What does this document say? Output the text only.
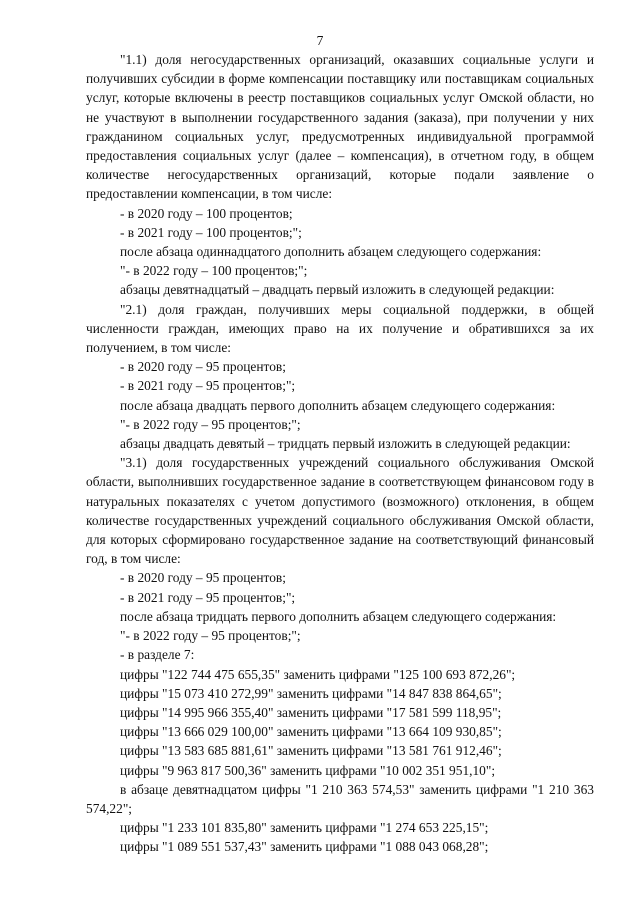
7

"1.1) доля негосударственных организаций, оказавших социальные услуги и получивших субсидии в форме компенсации поставщику или поставщикам социальных услуг, которые включены в реестр поставщиков социальных услуг Омской области, но не участвуют в выполнении государственного задания (заказа), при получении у них гражданином социальных услуг, предусмотренных индивидуальной программой предоставления социальных услуг (далее – компенсация), в отчетном году, в общем количестве негосударственных организаций, которые подали заявление о предоставлении компенсации, в том числе:

- в 2020 году – 100 процентов;

- в 2021 году – 100 процентов;";

после абзаца одиннадцатого дополнить абзацем следующего содержания:

"- в 2022 году – 100 процентов;";

абзацы девятнадцатый – двадцать первый изложить в следующей редакции:

"2.1) доля граждан, получивших меры социальной поддержки, в общей численности граждан, имеющих право на их получение и обратившихся за их получением, в том числе:

- в 2020 году – 95 процентов;

- в 2021 году – 95 процентов;";

после абзаца двадцать первого дополнить абзацем следующего содержания:

"- в 2022 году – 95 процентов;";

абзацы двадцать девятый – тридцать первый изложить в следующей редакции:

"3.1) доля государственных учреждений социального обслуживания Омской области, выполнивших государственное задание в соответствующем финансовом году в натуральных показателях с учетом допустимого (возможного) отклонения, в общем количестве государственных учреждений социального обслуживания Омской области, для которых сформировано государственное задание на соответствующий финансовый год, в том числе:

- в 2020 году – 95 процентов;

- в 2021 году – 95 процентов;";

после абзаца тридцать первого дополнить абзацем следующего содержания:

"- в 2022 году – 95 процентов;";

- в разделе 7:

цифры "122 744 475 655,35" заменить цифрами "125 100 693 872,26";

цифры "15 073 410 272,99" заменить цифрами "14 847 838 864,65";

цифры "14 995 966 355,40" заменить цифрами "17 581 599 118,95";

цифры "13 666 029 100,00" заменить цифрами "13 664 109 930,85";

цифры "13 583 685 881,61" заменить цифрами "13 581 761 912,46";

цифры "9 963 817 500,36" заменить цифрами "10 002 351 951,10";

в абзаце девятнадцатом цифры "1 210 363 574,53" заменить цифрами "1 210 363 574,22";

цифры "1 233 101 835,80" заменить цифрами "1 274 653 225,15";

цифры "1 089 551 537,43" заменить цифрами "1 088 043 068,28";
